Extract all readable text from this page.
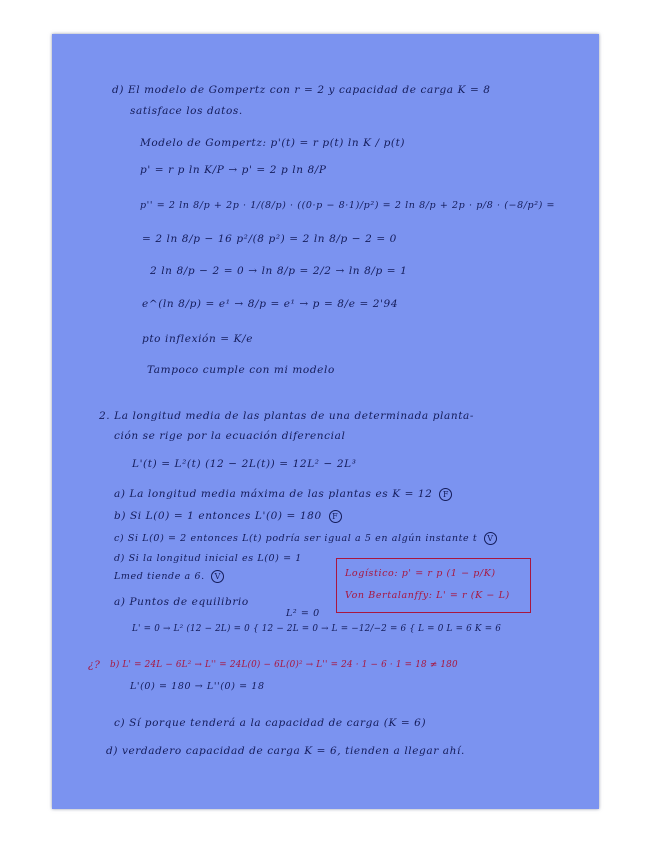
d) El modelo de Gompertz con r = 2 y capacidad de carga K = 8
satisface los datos.
Modelo de Gompertz: p'(t) = r p(t) ln K / p(t)
p' = r p ln K/P → p' = 2 p ln 8/P
p'' = 2 ln 8/p + 2p · 1/(8/p) · ((0·p − 8·1)/p²) = 2 ln 8/p + 2p · p/8 · (−8/p²) =
= 2 ln 8/p − 16 p²/(8 p²) = 2 ln 8/p − 2 = 0
2 ln 8/p − 2 = 0 → ln 8/p = 2/2 → ln 8/p = 1
e^(ln 8/p) = e¹ → 8/p = e¹ → p = 8/e = 2'94
pto inflexión = K/e
Tampoco cumple con mi modelo
2. La longitud media de las plantas de una determinada planta-
ción se rige por la ecuación diferencial
L'(t) = L²(t) (12 − 2L(t)) = 12L² − 2L³
a) La longitud media máxima de las plantas es K = 12 F
b) Si L(0) = 1 entonces L'(0) = 180 F
c) Si L(0) = 2 entonces L(t) podría ser igual a 5 en algún instante t V
d) Si la longitud inicial es L(0) = 1
Lmed tiende a 6. V	Logístico: p' = r p (1 − p/K)
Von Bertalanffy: L' = r (K − L)
a) Puntos de equilibrio
L² = 0
L' = 0 → L² (12 − 2L) = 0 { 12 − 2L = 0 → L = −12/−2 = 6 { L = 0 L = 6 K = 6
¿? b) L' = 24L − 6L² → L'' = 24L(0) − 6L(0)² → L'' = 24 · 1 − 6 · 1 = 18 ≠ 180
L'(0) = 180 → L''(0) = 18
c) Sí porque tenderá a la capacidad de carga (K = 6)
d) verdadero capacidad de carga K = 6, tienden a llegar ahí.
